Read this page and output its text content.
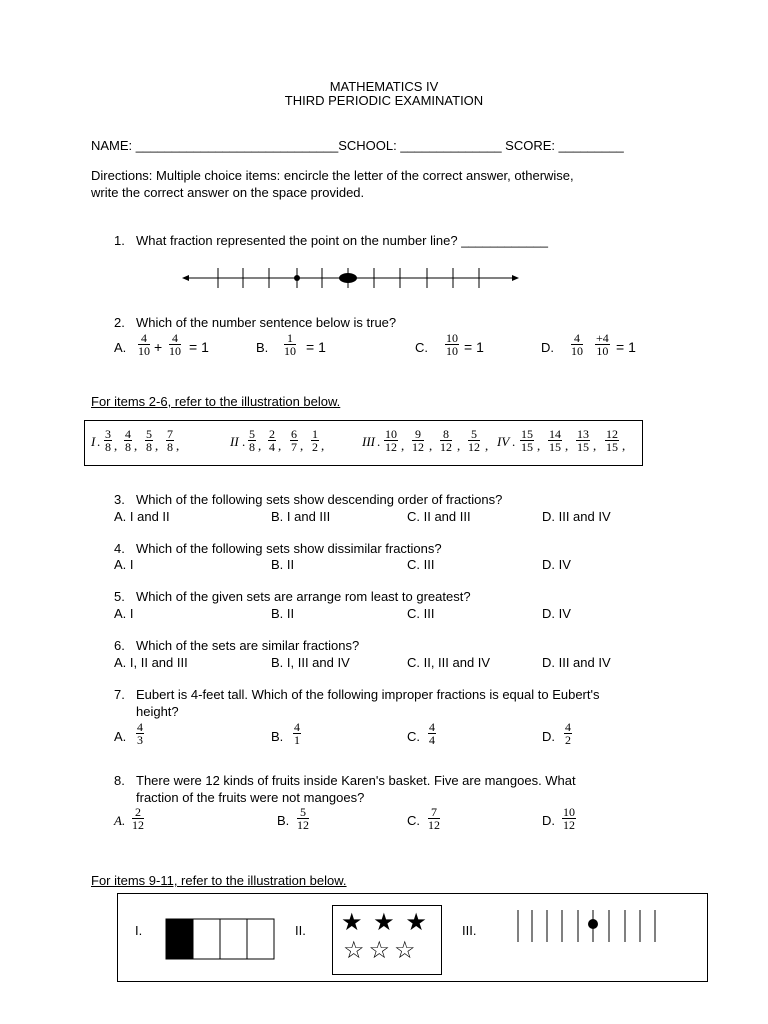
MATHEMATICS IV
THIRD PERIODIC EXAMINATION
NAME: ____________________________SCHOOL: ______________ SCORE: _________
Directions: Multiple choice items: encircle the letter of the correct answer, otherwise,
write the correct answer on the space provided.
1. What fraction represented the point on the number line? ____________
2. Which of the number sentence below is true?
A. $\frac{4}{10} + \frac{4}{10} = 1$	B. $\frac{1}{10} = 1$	C. $\frac{10}{10} = 1$	D. $\frac{4}{10} \frac{+4}{10} = 1$
For items 2-6, refer to the illustration below.
I . $\frac{3}{8}$ , $\frac{4}{8}$ , $\frac{5}{8}$ , $\frac{7}{8}$ ,	II . $\frac{5}{8}$ , $\frac{2}{4}$ , $\frac{6}{7}$ , $\frac{1}{2}$ ,	III . $\frac{10}{12}$ , $\frac{9}{12}$ , $\frac{8}{12}$ , $\frac{5}{12}$ , IV . $\frac{15}{15}$ , $\frac{14}{15}$ , $\frac{13}{15}$ , $\frac{12}{15}$ ,
3. Which of the following sets show descending order of fractions?
A. I and II	B. I and III	C. II and III	D. III and IV
4. Which of the following sets show dissimilar fractions?
A. I	B. II	C. III	D. IV
5. Which of the given sets are arrange rom least to greatest?
A. I	B. II	C. III	D. IV
6. Which of the sets are similar fractions?
A. I, II and III	B. I, III and IV	C. II, III and IV	D. III and IV
7. Eubert is 4-feet tall. Which of the following improper fractions is equal to Eubert's
height?
A. $\frac{4}{3}$	B. $\frac{4}{1}$	C. $\frac{4}{4}$	D. $\frac{4}{2}$
8. There were 12 kinds of fruits inside Karen's basket. Five are mangoes. What
fraction of the fruits were not mangoes?
A. $\frac{2}{12}$	B. $\frac{5}{12}$	C. $\frac{7}{12}$	D. $\frac{10}{12}$
For items 9-11, refer to the illustration below.
I.	II. ★ ★ ★
☆☆☆
III.
